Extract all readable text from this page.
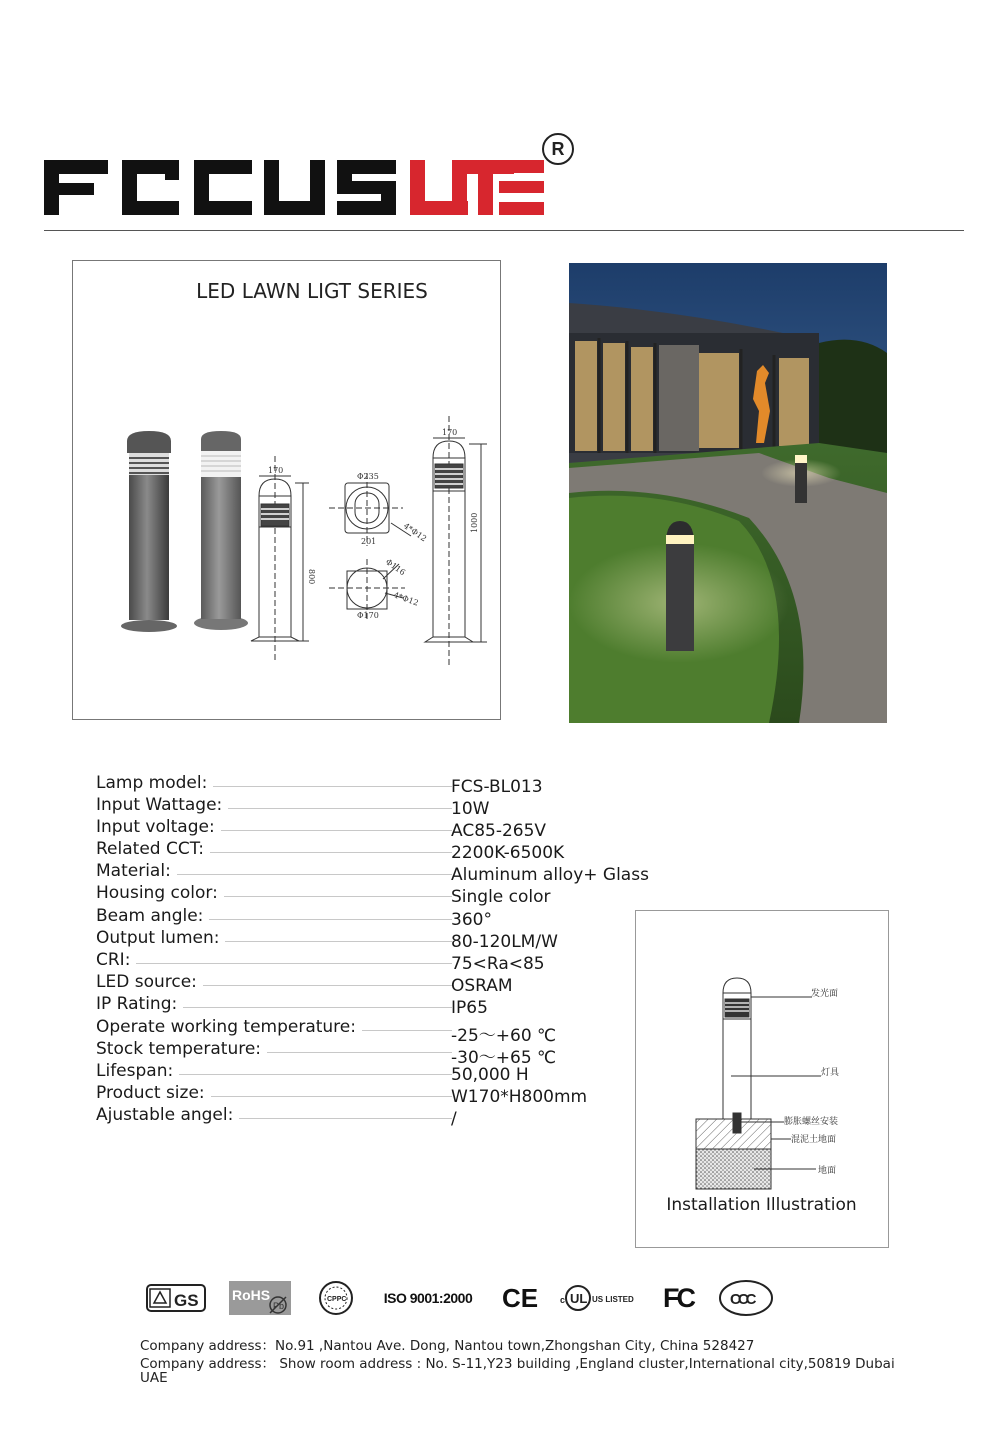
FOCUSLITE	R
LED LAWN LIGT SERIES
170
800
Φ235
201	4*Φ12
Φ116
4*Φ12
Φ170
170
1000
Lamp model:	FCS-BL013
Input Wattage:	10W
Input voltage:	AC85-265V
Related CCT:	2200K-6500K
Material:	Aluminum alloy+ Glass
Housing color:	Single color
Beam angle:	360°
Output lumen:	80-120LM/W
CRI:	75<Ra<85
LED source:	OSRAM
IP Rating:	IP65
Operate working temperature:	-25～+60 ℃
Stock temperature:	-30～+65 ℃
Lifespan:	50,000 H
Product size:	W170*H800mm
Ajustable angel:	/
发光面
灯具
膨胀螺丝安装
混泥土地面
地面
Installation Illustration
GS RoHS
Pb
CPPC	ISO 9001:2000 CE c UL US LISTED FC	CCC
Company address：No.91 ,Nantou Ave. Dong, Nantou town,Zhongshan City, China 528427
Company address： Show room address : No. S-11,Y23 building ,England cluster,International city,50819 Dubai
UAE
